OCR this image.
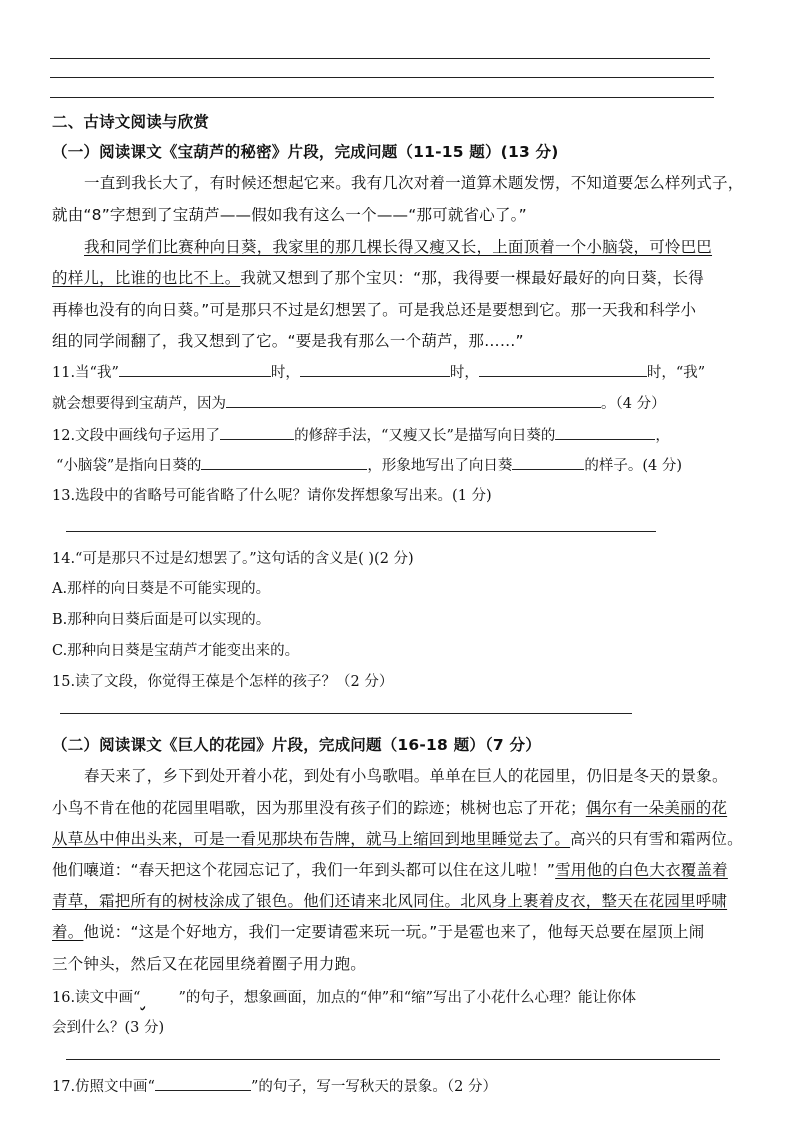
二、古诗文阅读与欣赏
（一）阅读课文《宝葫芦的秘密》片段，完成问题（11-15 题）(13 分)
一直到我长大了，有时候还想起它来。我有几次对着一道算术题发愣，不知道要怎么样列式子，
就由“8”字想到了宝葫芦——假如我有这么一个——“那可就省心了。”
我和同学们比赛种向日葵，我家里的那几棵长得又瘦又长，上面顶着一个小脑袋，可怜巴巴
的样儿，比谁的也比不上。我就又想到了那个宝贝：“那，我得要一棵最好最好的向日葵，长得
再棒也没有的向日葵。”可是那只不过是幻想罢了。可是我总还是要想到它。那一天我和科学小
组的同学闹翻了，我又想到了它。“要是我有那么一个葫芦，那……”
11.当“我”	时，	时，	时，“我”
就会想要得到宝葫芦，因为	。（4 分）
12.文段中画线句子运用了	的修辞手法，“又瘦又长”是描写向日葵的	，
“小脑袋”是指向日葵的	，形象地写出了向日葵	的样子。(4 分)
13.选段中的省略号可能省略了什么呢？请你发挥想象写出来。(1 分)
14.“可是那只不过是幻想罢了。”这句话的含义是( )(2 分)
A.那样的向日葵是不可能实现的。
B.那种向日葵后面是可以实现的。
C.那种向日葵是宝葫芦才能变出来的。
15.读了文段，你觉得王葆是个怎样的孩子？（2 分）
（二）阅读课文《巨人的花园》片段，完成问题（16-18 题）（7 分）
春天来了，乡下到处开着小花，到处有小鸟歌唱。单单在巨人的花园里，仍旧是冬天的景象。
小鸟不肯在他的花园里唱歌，因为那里没有孩子们的踪迹；桃树也忘了开花；偶尔有一朵美丽的花
从草丛中伸出头来，可是一看见那块布告牌，就马上缩回到地里睡觉去了。高兴的只有雪和霜两位。
他们嚷道：“春天把这个花园忘记了，我们一年到头都可以住在这儿啦！”雪用他的白色大衣覆盖着
青草，霜把所有的树枝涂成了银色。他们还请来北风同住。北风身上裹着皮衣，整天在花园里呼啸
着。他说：“这是个好地方，我们一定要请雹来玩一玩。”于是雹也来了，他每天总要在屋顶上闹
三个钟头，然后又在花园里绕着圈子用力跑。
16.读文中画“	”的句子，想象画面，加点的“伸”和“缩”写出了小花什么心理？能让你体
会到什么？(3 分)
17.仿照文中画“	”的句子，写一写秋天的景象。（2 分）
